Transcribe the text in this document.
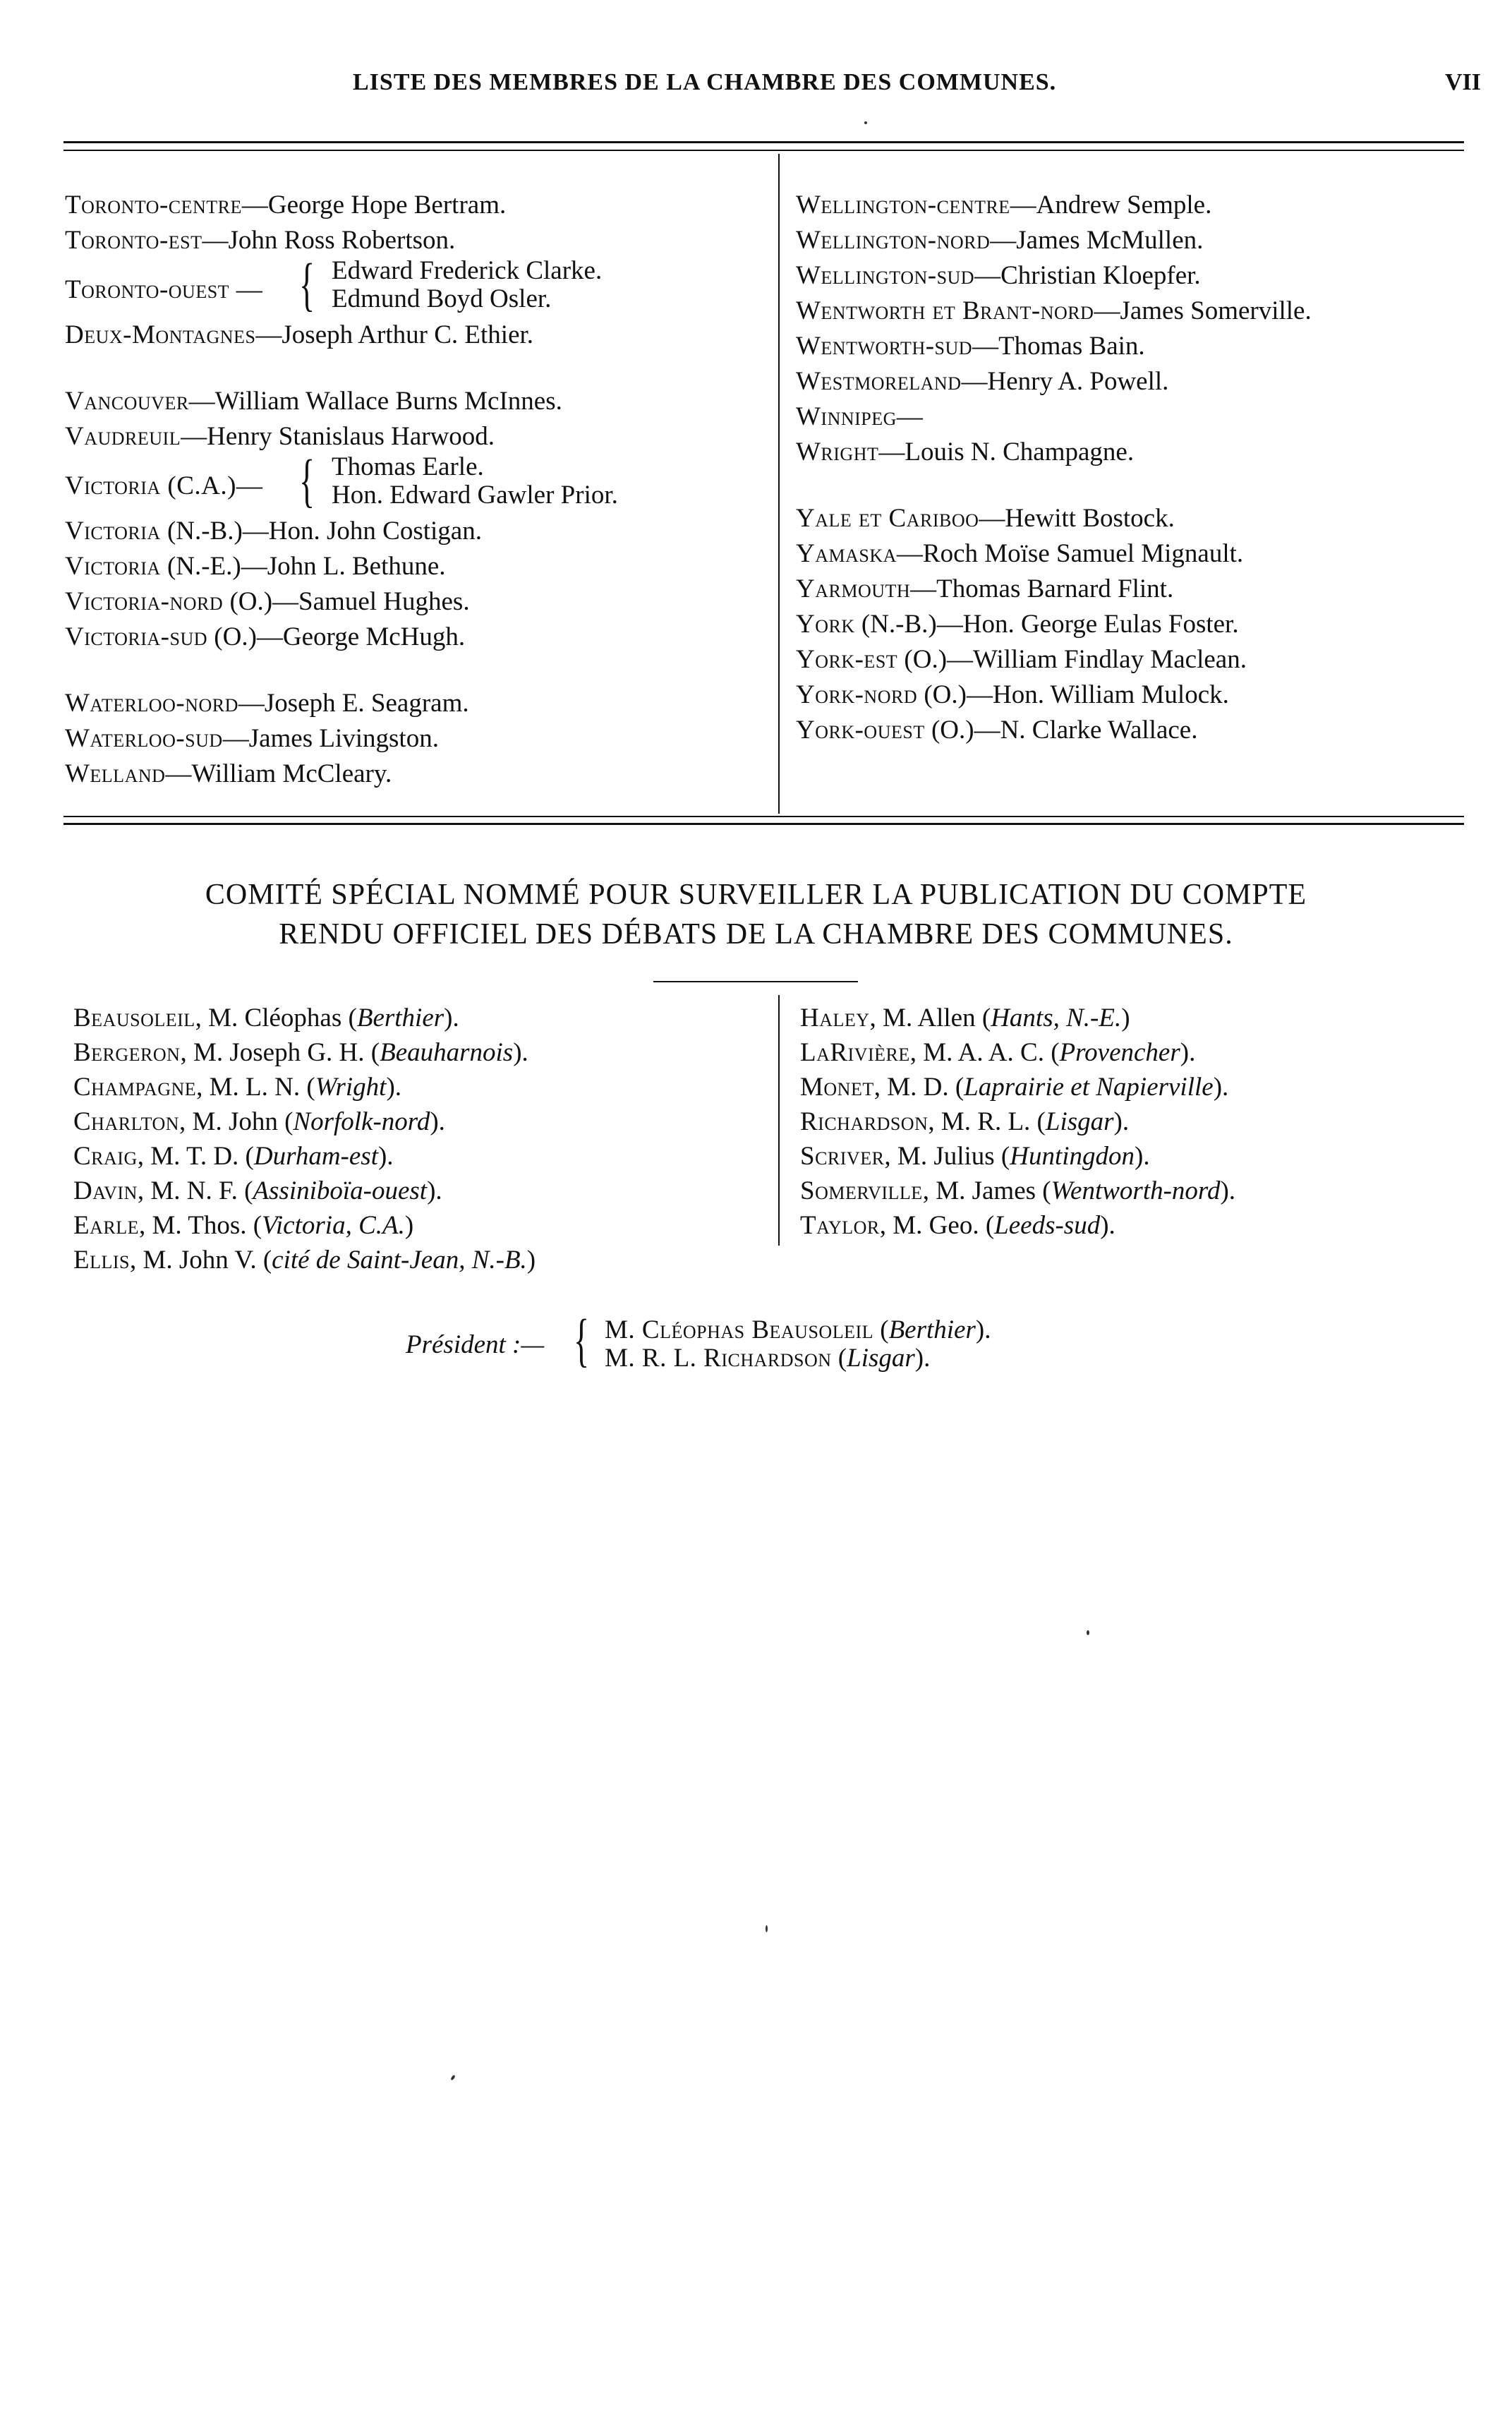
LISTE DES MEMBRES DE LA CHAMBRE DES COMMUNES.	VII
Toronto-centre—George Hope Bertram.
Toronto-est—John Ross Robertson.
Toronto-ouest — { Edward Frederick Clarke.
Edmund Boyd Osler.
Deux-Montagnes—Joseph Arthur C. Ethier.
Vancouver—William Wallace Burns McInnes.
Vaudreuil—Henry Stanislaus Harwood.
Victoria (C.A.)— { Thomas Earle.
Hon. Edward Gawler Prior.
Victoria (N.-B.)—Hon. John Costigan.
Victoria (N.-E.)—John L. Bethune.
Victoria-nord (O.)—Samuel Hughes.
Victoria-sud (O.)—George McHugh.
Waterloo-nord—Joseph E. Seagram.
Waterloo-sud—James Livingston.
Welland—William McCleary.
Wellington-centre—Andrew Semple.
Wellington-nord—James McMullen.
Wellington-sud—Christian Kloepfer.
Wentworth et Brant-nord—James Somerville.
Wentworth-sud—Thomas Bain.
Westmoreland—Henry A. Powell.
Winnipeg—
Wright—Louis N. Champagne.
Yale et Cariboo—Hewitt Bostock.
Yamaska—Roch Moïse Samuel Mignault.
Yarmouth—Thomas Barnard Flint.
York (N.-B.)—Hon. George Eulas Foster.
York-est (O.)—William Findlay Maclean.
York-nord (O.)—Hon. William Mulock.
York-ouest (O.)—N. Clarke Wallace.
COMITÉ SPÉCIAL NOMMÉ POUR SURVEILLER LA PUBLICATION DU COMPTE
RENDU OFFICIEL DES DÉBATS DE LA CHAMBRE DES COMMUNES.
Beausoleil, M. Cléophas (Berthier).
Bergeron, M. Joseph G. H. (Beauharnois).
Champagne, M. L. N. (Wright).
Charlton, M. John (Norfolk-nord).
Craig, M. T. D. (Durham-est).
Davin, M. N. F. (Assiniboïa-ouest).
Earle, M. Thos. (Victoria, C.A.)
Ellis, M. John V. (cité de Saint-Jean, N.-B.)
Haley, M. Allen (Hants, N.-E.)
LaRivière, M. A. A. C. (Provencher).
Monet, M. D. (Laprairie et Napierville).
Richardson, M. R. L. (Lisgar).
Scriver, M. Julius (Huntingdon).
Somerville, M. James (Wentworth-nord).
Taylor, M. Geo. (Leeds-sud).
Président :— { M. Cléophas Beausoleil (Berthier).
M. R. L. Richardson (Lisgar).
